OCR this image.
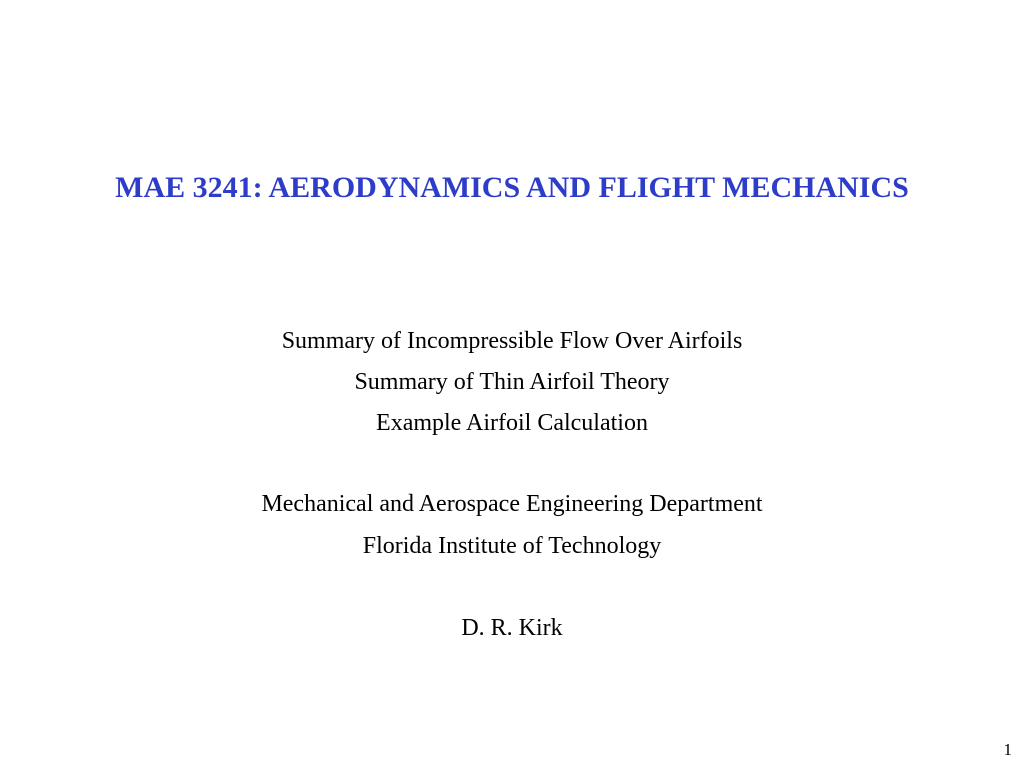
MAE 3241: AERODYNAMICS AND FLIGHT MECHANICS
Summary of Incompressible Flow Over Airfoils
Summary of Thin Airfoil Theory
Example Airfoil Calculation
Mechanical and Aerospace Engineering Department
Florida Institute of Technology
D. R. Kirk
1
